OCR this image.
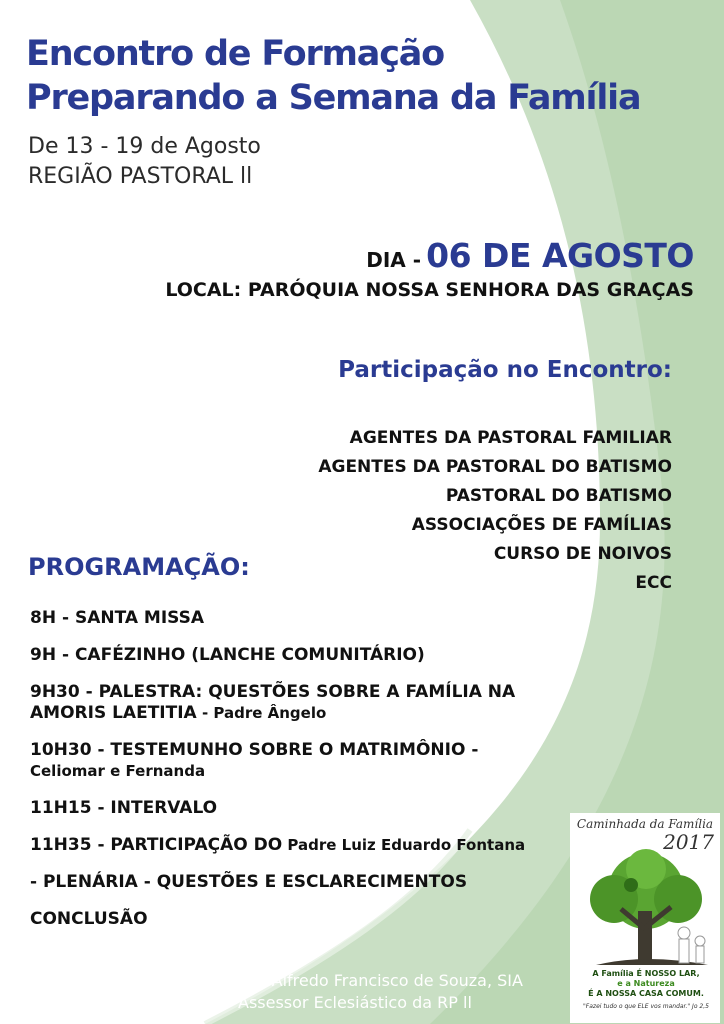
Encontro de Formação
Preparando a Semana da Família
De 13 - 19 de Agosto
REGIÃO PASTORAL ll
DIA - 06 DE AGOSTO
LOCAL: PARÓQUIA NOSSA SENHORA DAS GRAÇAS
Participação no Encontro:
AGENTES DA PASTORAL FAMILIAR
AGENTES DA PASTORAL DO BATISMO
PASTORAL DO BATISMO
ASSOCIAÇÕES DE FAMÍLIAS
CURSO DE NOIVOS
ECC
PROGRAMAÇÃO:
8H - SANTA MISSA
9H - CAFÉZINHO (LANCHE COMUNITÁRIO)
9H30 - PALESTRA: QUESTÕES SOBRE A FAMÍLIA NA AMORIS LAETITIA - Padre Ângelo
10H30 - TESTEMUNHO SOBRE O MATRIMÔNIO -
Celiomar e Fernanda
11H15 - INTERVALO
11H35 - PARTICIPAÇÃO DO Padre Luiz Eduardo Fontana
- PLENÁRIA - QUESTÕES E ESCLARECIMENTOS
CONCLUSÃO
Frei Alfredo Francisco de Souza, SIA
Assessor Eclesiástico da RP ll
Caminhada da Família
2017
A Família É NOSSO LAR,
e a Natureza
É A NOSSA CASA COMUM.
"Fazei tudo o que ELE vos mandar." Jo 2,5
